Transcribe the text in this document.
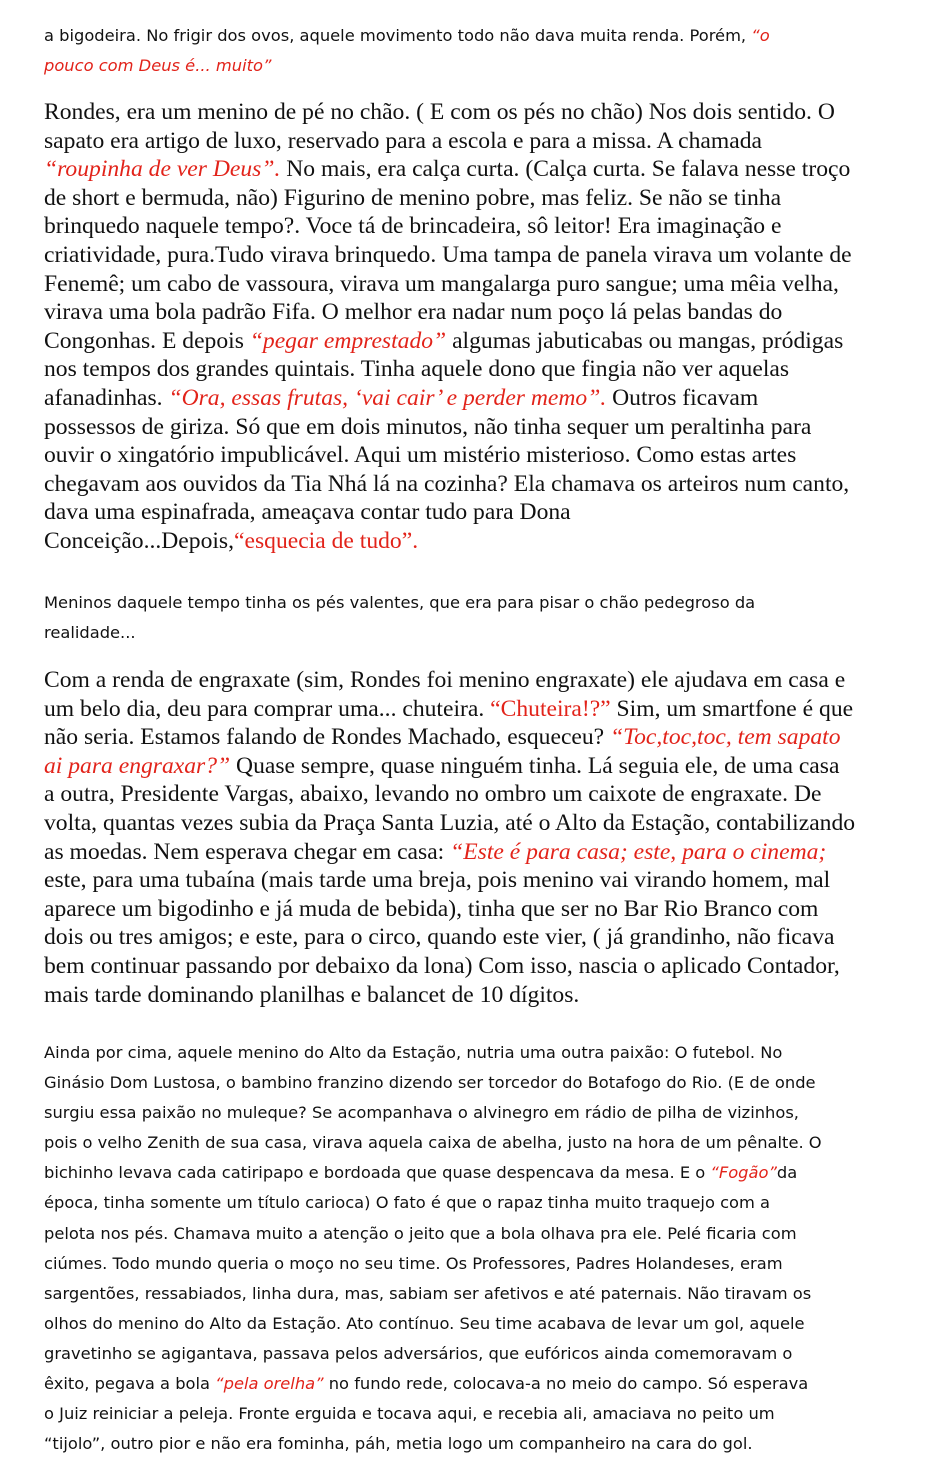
a bigodeira. No frigir dos ovos, aquele movimento todo não dava muita renda. Porém, “o
pouco com Deus é... muito”
Rondes, era um menino de pé no chão. ( E com os pés no chão) Nos dois sentido. O
sapato era artigo de luxo, reservado para a escola e para a missa. A chamada
“roupinha de ver Deus”. No mais, era calça curta. (Calça curta. Se falava nesse troço
de short e bermuda, não) Figurino de menino pobre, mas feliz. Se não se tinha
brinquedo naquele tempo?. Voce tá de brincadeira, sô leitor! Era imaginação e
criatividade, pura.Tudo virava brinquedo. Uma tampa de panela virava um volante de
Fenemê; um cabo de vassoura, virava um mangalarga puro sangue; uma mêia velha,
virava uma bola padrão Fifa. O melhor era nadar num poço lá pelas bandas do
Congonhas. E depois “pegar emprestado” algumas jabuticabas ou mangas, pródigas
nos tempos dos grandes quintais. Tinha aquele dono que fingia não ver aquelas
afanadinhas. “Ora, essas frutas, ‘vai cair’ e perder memo”. Outros ficavam
possessos de giriza. Só que em dois minutos, não tinha sequer um peraltinha para
ouvir o xingatório impublicável. Aqui um mistério misterioso. Como estas artes
chegavam aos ouvidos da Tia Nhá lá na cozinha? Ela chamava os arteiros num canto,
dava uma espinafrada, ameaçava contar tudo para Dona
Conceição...Depois,“esquecia de tudo”.
Meninos daquele tempo tinha os pés valentes, que era para pisar o chão pedegroso da
realidade...
Com a renda de engraxate (sim, Rondes foi menino engraxate) ele ajudava em casa e
um belo dia, deu para comprar uma... chuteira. “Chuteira!?” Sim, um smartfone é que
não seria. Estamos falando de Rondes Machado, esqueceu? “Toc,toc,toc, tem sapato
ai para engraxar?” Quase sempre, quase ninguém tinha. Lá seguia ele, de uma casa
a outra, Presidente Vargas, abaixo, levando no ombro um caixote de engraxate. De
volta, quantas vezes subia da Praça Santa Luzia, até o Alto da Estação, contabilizando
as moedas. Nem esperava chegar em casa: “Este é para casa; este, para o cinema;
este, para uma tubaína (mais tarde uma breja, pois menino vai virando homem, mal
aparece um bigodinho e já muda de bebida), tinha que ser no Bar Rio Branco com
dois ou tres amigos; e este, para o circo, quando este vier, ( já grandinho, não ficava
bem continuar passando por debaixo da lona) Com isso, nascia o aplicado Contador,
mais tarde dominando planilhas e balancet de 10 dígitos.
Ainda por cima, aquele menino do Alto da Estação, nutria uma outra paixão: O futebol. No
Ginásio Dom Lustosa, o bambino franzino dizendo ser torcedor do Botafogo do Rio. (E de onde
surgiu essa paixão no muleque? Se acompanhava o alvinegro em rádio de pilha de vizinhos,
pois o velho Zenith de sua casa, virava aquela caixa de abelha, justo na hora de um pênalte. O
bichinho levava cada catiripapo e bordoada que quase despencava da mesa. E o “Fogão”da
época, tinha somente um título carioca) O fato é que o rapaz tinha muito traquejo com a
pelota nos pés. Chamava muito a atenção o jeito que a bola olhava pra ele. Pelé ficaria com
ciúmes. Todo mundo queria o moço no seu time. Os Professores, Padres Holandeses, eram
sargentões, ressabiados, linha dura, mas, sabiam ser afetivos e até paternais. Não tiravam os
olhos do menino do Alto da Estação. Ato contínuo. Seu time acabava de levar um gol, aquele
gravetinho se agigantava, passava pelos adversários, que eufóricos ainda comemoravam o
êxito, pegava a bola “pela orelha” no fundo rede, colocava-a no meio do campo. Só esperava
o Juiz reiniciar a peleja. Fronte erguida e tocava aqui, e recebia ali, amaciava no peito um
“tijolo”, outro pior e não era fominha, páh, metia logo um companheiro na cara do gol.
